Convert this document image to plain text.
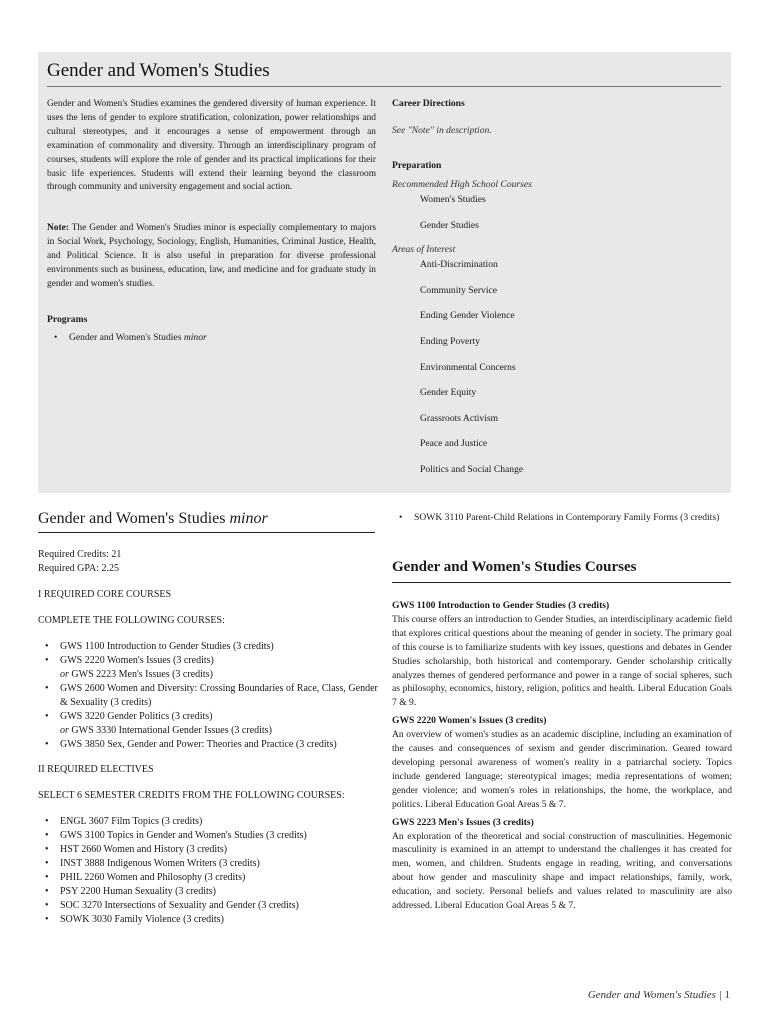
Gender and Women's Studies

Gender and Women's Studies examines the gendered diversity of human experience. It uses the lens of gender to explore stratification, colonization, power relationships and cultural stereotypes, and it encourages a sense of empowerment through an examination of commonality and diversity. Through an interdisciplinary program of courses, students will explore the role of gender and its practical implications for their basic life experiences. Students will extend their learning beyond the classroom through community and university engagement and social action.

Note: The Gender and Women's Studies minor is especially complementary to majors in Social Work, Psychology, Sociology, English, Humanities, Criminal Justice, Health, and Political Science. It is also useful in preparation for diverse professional environments such as business, education, law, and medicine and for graduate study in gender and women's studies.

Programs

• Gender and Women's Studies minor

Career Directions

See "Note" in description.

Preparation

Recommended High School Courses

Women's Studies

Gender Studies

Areas of Interest

Anti-Discrimination

Community Service

Ending Gender Violence

Ending Poverty

Environmental Concerns

Gender Equity

Grassroots Activism

Peace and Justice

Politics and Social Change

Gender and Women's Studies minor

Required Credits: 21

Required GPA: 2.25

I REQUIRED CORE COURSES

COMPLETE THE FOLLOWING COURSES:

• GWS 1100 Introduction to Gender Studies (3 credits)
• GWS 2220 Women's Issues (3 credits)
or GWS 2223 Men's Issues (3 credits)
• GWS 2600 Women and Diversity: Crossing Boundaries of Race, Class, Gender & Sexuality (3 credits)
• GWS 3220 Gender Politics (3 credits)
or GWS 3330 International Gender Issues (3 credits)
• GWS 3850 Sex, Gender and Power: Theories and Practice (3 credits)

II REQUIRED ELECTIVES

SELECT 6 SEMESTER CREDITS FROM THE FOLLOWING COURSES:

• ENGL 3607 Film Topics (3 credits)
• GWS 3100 Topics in Gender and Women's Studies (3 credits)
• HST 2660 Women and History (3 credits)
• INST 3888 Indigenous Women Writers (3 credits)
• PHIL 2260 Women and Philosophy (3 credits)
• PSY 2200 Human Sexuality (3 credits)
• SOC 3270 Intersections of Sexuality and Gender (3 credits)
• SOWK 3030 Family Violence (3 credits)
• SOWK 3110 Parent-Child Relations in Contemporary Family Forms (3 credits)
Gender and Women's Studies Courses

GWS 1100 Introduction to Gender Studies (3 credits)

This course offers an introduction to Gender Studies, an interdisciplinary academic field that explores critical questions about the meaning of gender in society. The primary goal of this course is to familiarize students with key issues, questions and debates in Gender Studies scholarship, both historical and contemporary. Gender scholarship critically analyzes themes of gendered performance and power in a range of social spheres, such as philosophy, economics, history, religion, politics and health. Liberal Education Goals 7 & 9.

GWS 2220 Women's Issues (3 credits)

An overview of women's studies as an academic discipline, including an examination of the causes and consequences of sexism and gender discrimination. Geared toward developing personal awareness of women's reality in a patriarchal society. Topics include gendered language; stereotypical images; media representations of women; gender violence; and women's roles in relationships, the home, the workplace, and politics. Liberal Education Goal Areas 5 & 7.

GWS 2223 Men's Issues (3 credits)

An exploration of the theoretical and social construction of masculinities. Hegemonic masculinity is examined in an attempt to understand the challenges it has created for men, women, and children. Students engage in reading, writing, and conversations about how gender and masculinity shape and impact relationships, family, work, education, and society. Personal beliefs and values related to masculinity are also addressed. Liberal Education Goal Areas 5 & 7.

Gender and Women's Studies | 1
